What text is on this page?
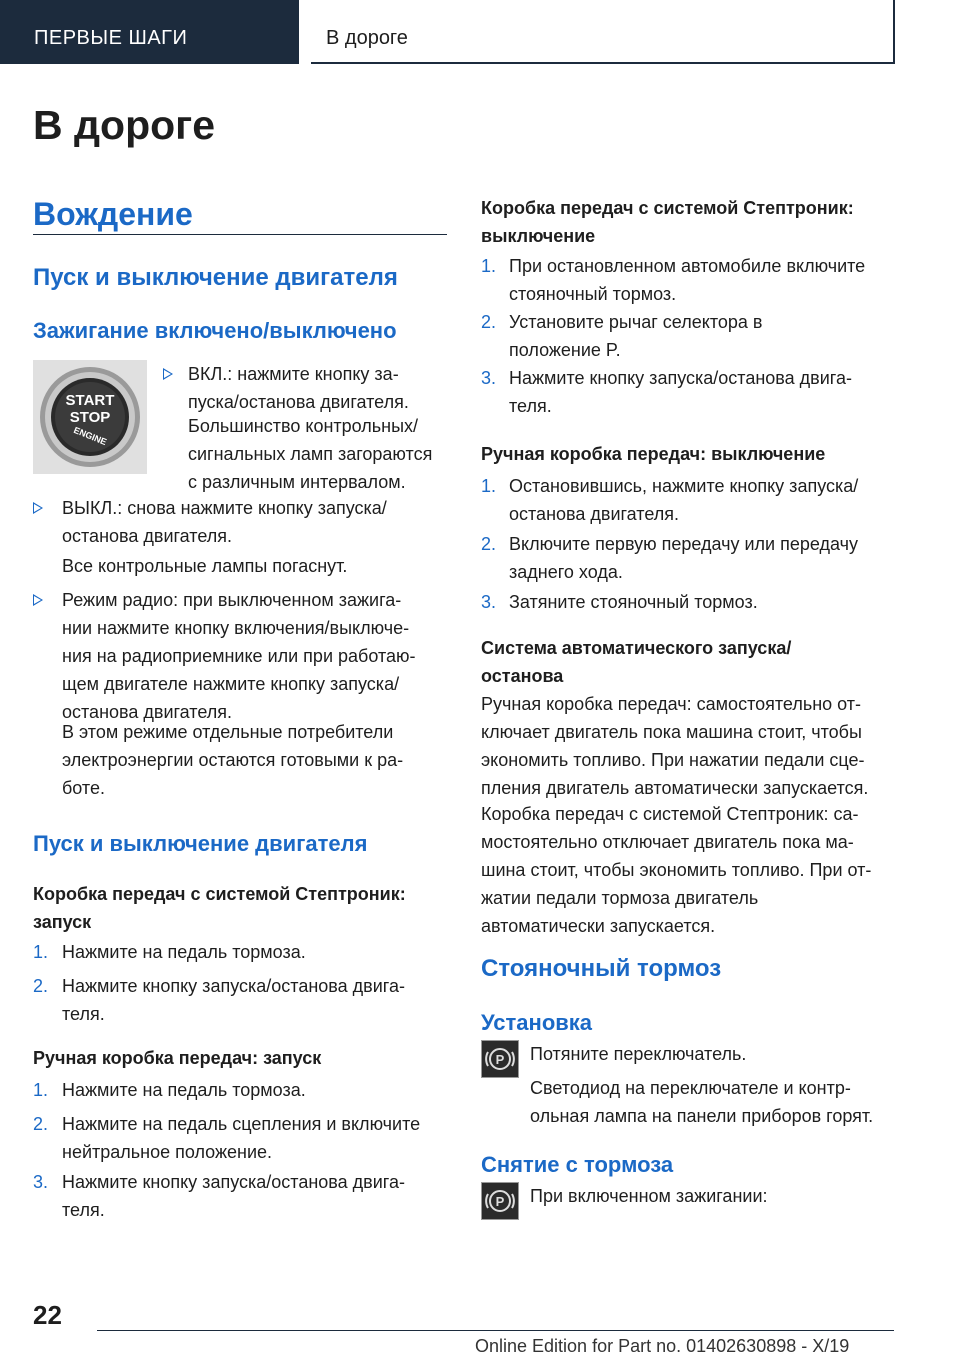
ПЕРВЫЕ ШАГИ	В дороге
В дороге
Вождение
Пуск и выключение двигателя
Зажигание включено/выключено
START
STOP
ENGINE

ВКЛ.: нажмите кнопку за-

пуска/останова двигателя.

Большинство контрольных/

сигнальных ламп загораются

с различным интервалом.

ВЫКЛ.: снова нажмите кнопку запуска/

останова двигателя.

Все контрольные лампы погаснут.

Режим радио: при выключенном зажига-

нии нажмите кнопку включения/выключе-

ния на радиоприемнике или при работаю-

щем двигателе нажмите кнопку запуска/

останова двигателя.

В этом режиме отдельные потребители

электроэнергии остаются готовыми к ра-

боте.

Пуск и выключение двигателя

Коробка передач с системой Стептроник:

запуск

1. Нажмите на педаль тормоза.
2. Нажмите кнопку запуска/останова двига-

теля.

Ручная коробка передач: запуск
1. Нажмите на педаль тормоза.
2. Нажмите на педаль сцепления и включите

нейтральное положение.

3. Нажмите кнопку запуска/останова двига-

теля.

Коробка передач с системой Стептроник:

выключение

1. При остановленном автомобиле включите

стояночный тормоз.

2. Установите рычаг селектора в

положение P.

3. Нажмите кнопку запуска/останова двига-

теля.

Ручная коробка передач: выключение
1. Остановившись, нажмите кнопку запуска/

останова двигателя.

2. Включите первую передачу или передачу

заднего хода.

3. Затяните стояночный тормоз.

Система автоматического запуска/

останова

Ручная коробка передач: самостоятельно от-

ключает двигатель пока машина стоит, чтобы

экономить топливо. При нажатии педали сце-

пления двигатель автоматически запускается.

Коробка передач с системой Стептроник: са-

мостоятельно отключает двигатель пока ма-

шина стоит, чтобы экономить топливо. При от-

жатии педали тормоза двигатель

автоматически запускается.

Стояночный тормоз
Установка
P Потяните переключатель.

Светодиод на переключателе и контр-

ольная лампа на панели приборов горят.

Снятие с тормоза
P При включенном зажигании:
22
Online Edition for Part no. 01402630898 - X/19
